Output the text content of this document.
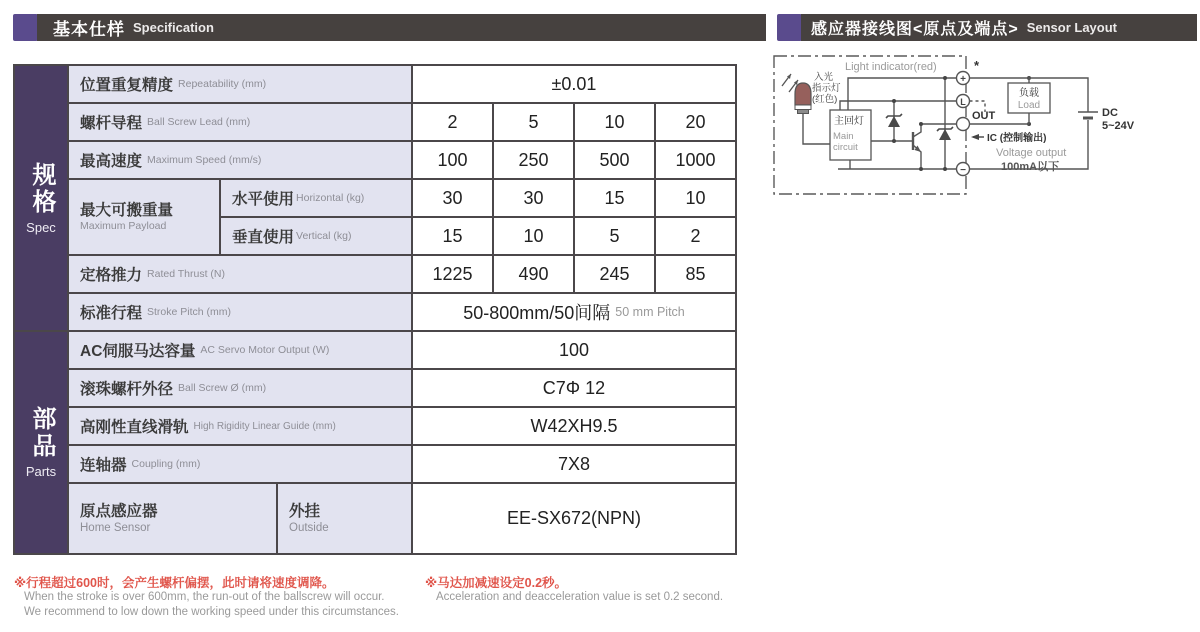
基本仕样 Specification	感应器接线图<原点及端点> Sensor Layout
规格
Spec
部品
Parts
位置重复精度 Repeatability (mm)	±0.01
螺杆导程 Ball Screw Lead (mm)	2	5	10	20
最高速度 Maximum Speed (mm/s)	100	250	500	1000
最大可搬重量
Maximum Payload
水平使用 Horizontal (kg)	30	30	15	10
垂直使用 Vertical (kg)	15	10	5	2
定格推力 Rated Thrust (N)	1225	490	245	85
标准行程 Stroke Pitch (mm)	50-800mm/50间隔 50 mm Pitch
AC伺服马达容量 AC Servo Motor Output (W)	100
滚珠螺杆外径 Ball Screw Ø (mm)	C7Φ 12
高刚性直线滑轨 High Rigidity Linear Guide (mm)	W42XH9.5
连轴器 Coupling (mm)	7X8
原点感应器
Home Sensor
外挂
Outside	EE-SX672(NPN)
※行程超过600时，会产生螺杆偏摆，此时请将速度调降。
When the stroke is over 600mm, the run-out of the ballscrew will occur.
We recommend to low down the working speed under this circumstances.
※马达加减速设定0.2秒。
Acceleration and deacceleration value is set 0.2 second.
Light indicator(red)
入光
指示灯
(红色)
主回灯
Main
circuit
+
L
−
*
OUT	DC
5~24V
负载
Load
IC (控制输出)
Voltage output
100mA以下
